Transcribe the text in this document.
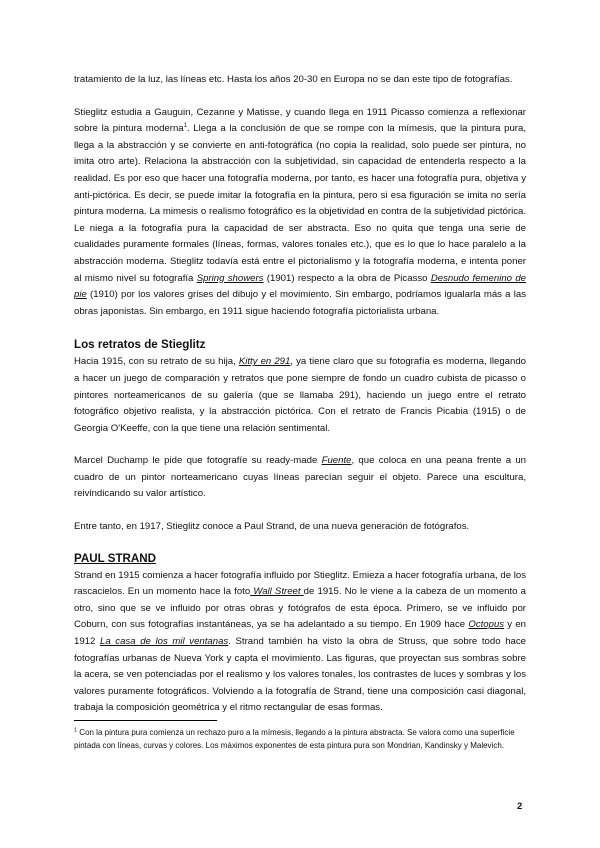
tratamiento de la luz, las líneas etc. Hasta los años 20-30 en Europa no se dan este tipo de fotografías.

Stieglitz estudia a Gauguin, Cezanne y Matisse, y cuando llega en 1911 Picasso comienza a reflexionar sobre la pintura moderna$^1$. Llega a la conclusión de que se rompe con la mímesis, que la pintura pura, llega a la abstracción y se convierte en anti-fotográfica (no copia la realidad, solo puede ser pintura, no imita otro arte). Relaciona la abstracción con la subjetividad, sin capacidad de entenderla respecto a la realidad. Es por eso que hacer una fotografía moderna, por tanto, es hacer una fotografía pura, objetiva y anti-pictórica. Es decir, se puede imitar la fotografía en la pintura, pero si esa figuración se imita no sería pintura moderna. La mimesis o realismo fotográfico es la objetividad en contra de la subjetividad pictórica. Le niega a la fotografía pura la capacidad de ser abstracta. Eso no quita que tenga una serie de cualidades puramente formales (líneas, formas, valores tonales etc.), que es lo que lo hace paralelo a la abstracción moderna. Stieglitz todavía está entre el pictorialismo y la fotografía moderna, e intenta poner al mismo nivel su fotografía Spring showers (1901) respecto a la obra de Picasso Desnudo femenino de pie (1910) por los valores grises del dibujo y el movimiento. Sin embargo, podríamos igualarla más a las obras japonistas. Sin embargo, en 1911 sigue haciendo fotografía pictorialista urbana.

Los retratos de Stieglitz

Hacia 1915, con su retrato de su hija, Kitty en 291, ya tiene claro que su fotografía es moderna, llegando a hacer un juego de comparación y retratos que pone siempre de fondo un cuadro cubista de picasso o pintores norteamericanos de su galería (que se llamaba 291), haciendo un juego entre el retrato fotográfico objetivo realista, y la abstracción pictórica. Con el retrato de Francis Picabia (1915) o de Georgia O'Keeffe, con la que tiene una relación sentimental.

Marcel Duchamp le pide que fotografíe su ready-made Fuente, que coloca en una peana frente a un cuadro de un pintor norteamericano cuyas líneas parecían seguir el objeto. Parece una escultura, reivindicando su valor artístico.

Entre tanto, en 1917, Stieglitz conoce a Paul Strand, de una nueva generación de fotógrafos.

PAUL STRAND

Strand en 1915 comienza a hacer fotografía influido por Stieglitz. Emieza a hacer fotografía urbana, de los rascacielos. En un momento hace la foto Wall Street de 1915. No le viene a la cabeza de un momento a otro, sino que se ve influido por otras obras y fotógrafos de esta época. Primero, se ve influido por Coburn, con sus fotografías instantáneas, ya se ha adelantado a su tiempo. En 1909 hace Octopus y en 1912 La casa de los mil ventanas. Strand también ha visto la obra de Struss, que sobre todo hace fotografías urbanas de Nueva York y capta el movimiento. Las figuras, que proyectan sus sombras sobre la acera, se ven potenciadas por el realismo y los valores tonales, los contrastes de luces y sombras y los valores puramente fotográficos. Volviendo a la fotografía de Strand, tiene una composición casi diagonal, trabaja la composición geométrica y el ritmo rectangular de esas formas.

$^1$ Con la pintura pura comienza un rechazo puro a la mímesis, llegando a la pintura abstracta. Se valora como una superficie pintada con líneas, curvas y colores. Los máximos exponentes de esta pintura pura son Mondrian, Kandinsky y Malevich.
2
